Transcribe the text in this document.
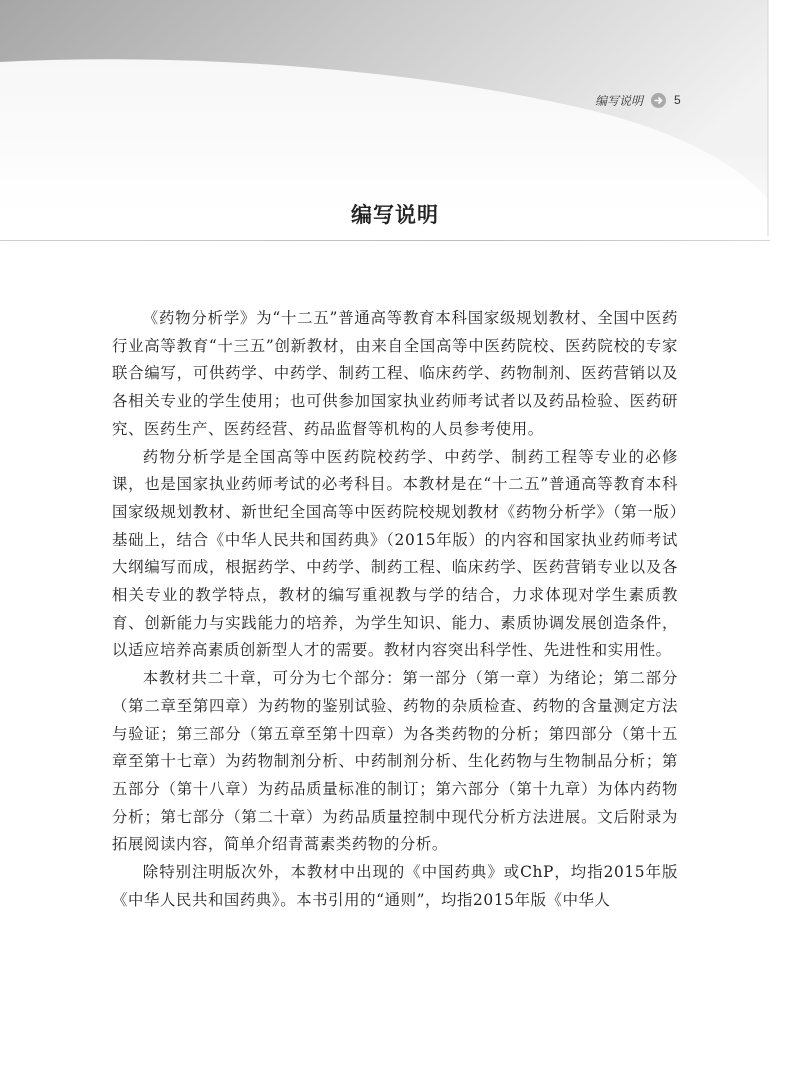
编写说明	5
编写说明

《药物分析学》为“十二五”普通高等教育本科国家级规划教材、全国中医药行业高等教育“十三五”创新教材，由来自全国高等中医药院校、医药院校的专家联合编写，可供药学、中药学、制药工程、临床药学、药物制剂、医药营销以及各相关专业的学生使用；也可供参加国家执业药师考试者以及药品检验、医药研究、医药生产、医药经营、药品监督等机构的人员参考使用。

药物分析学是全国高等中医药院校药学、中药学、制药工程等专业的必修课，也是国家执业药师考试的必考科目。本教材是在“十二五”普通高等教育本科国家级规划教材、新世纪全国高等中医药院校规划教材《药物分析学》（第一版）基础上，结合《中华人民共和国药典》（2015年版）的内容和国家执业药师考试大纲编写而成，根据药学、中药学、制药工程、临床药学、医药营销专业以及各相关专业的教学特点，教材的编写重视教与学的结合，力求体现对学生素质教育、创新能力与实践能力的培养，为学生知识、能力、素质协调发展创造条件，以适应培养高素质创新型人才的需要。教材内容突出科学性、先进性和实用性。

本教材共二十章，可分为七个部分：第一部分（第一章）为绪论；第二部分（第二章至第四章）为药物的鉴别试验、药物的杂质检查、药物的含量测定方法与验证；第三部分（第五章至第十四章）为各类药物的分析；第四部分（第十五章至第十七章）为药物制剂分析、中药制剂分析、生化药物与生物制品分析；第五部分（第十八章）为药品质量标准的制订；第六部分（第十九章）为体内药物分析；第七部分（第二十章）为药品质量控制中现代分析方法进展。文后附录为拓展阅读内容，简单介绍青蒿素类药物的分析。

除特别注明版次外，本教材中出现的《中国药典》或ChP，均指2015年版《中华人民共和国药典》。本书引用的“通则”，均指2015年版《中华人
